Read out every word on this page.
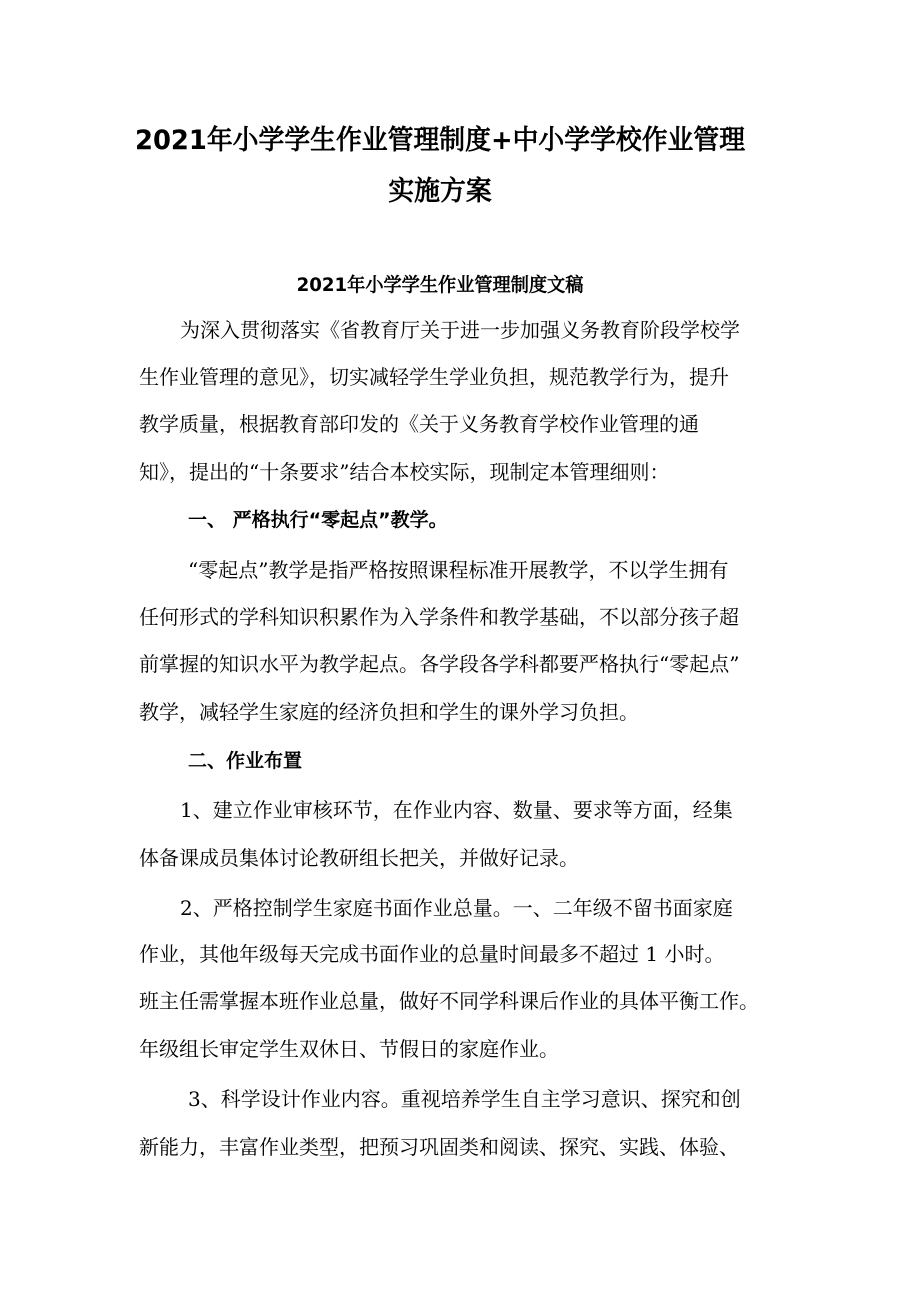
2021年小学学生作业管理制度+中小学学校作业管理
实施方案
2021年小学学生作业管理制度文稿
为深入贯彻落实《省教育厅关于进一步加强义务教育阶段学校学
生作业管理的意见》，切实减轻学生学业负担，规范教学行为，提升
教学质量，根据教育部印发的《关于义务教育学校作业管理的通
知》，提出的“十条要求”结合本校实际，现制定本管理细则：
一、 严格执行“零起点”教学。
“零起点”教学是指严格按照课程标准开展教学，不以学生拥有
任何形式的学科知识积累作为入学条件和教学基础，不以部分孩子超
前掌握的知识水平为教学起点。各学段各学科都要严格执行“零起点”
教学，减轻学生家庭的经济负担和学生的课外学习负担。
二、作业布置
1、建立作业审核环节，在作业内容、数量、要求等方面，经集
体备课成员集体讨论教研组长把关，并做好记录。
2、严格控制学生家庭书面作业总量。一、二年级不留书面家庭
作业，其他年级每天完成书面作业的总量时间最多不超过 1 小时。
班主任需掌握本班作业总量，做好不同学科课后作业的具体平衡工作。
年级组长审定学生双休日、节假日的家庭作业。
3、科学设计作业内容。重视培养学生自主学习意识、探究和创
新能力，丰富作业类型，把预习巩固类和阅读、探究、实践、体验、
